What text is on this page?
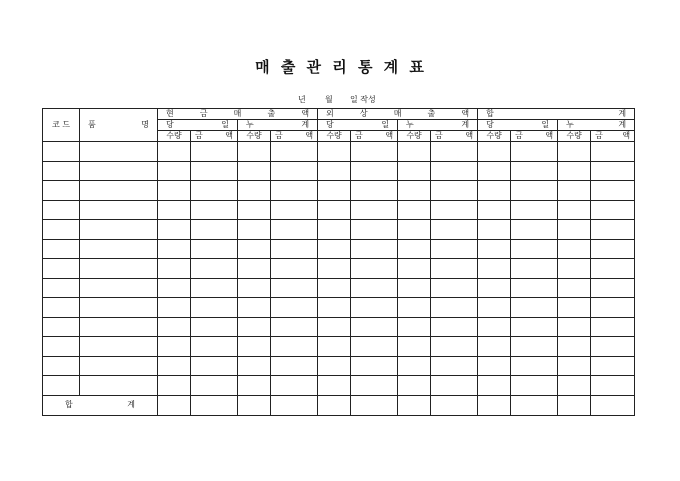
매 출 관 리 통 계 표
년 월 일 작성
코 드	품 명	현 금 매 출 액				외 상 매 출 액				합 계			

		당 일		누 계		당 일		누 계		당 일		누 계	

		수량	금 액	수량	금 액	수량	금 액	수량	금 액	수량	금 액	수량	금 액

합 계													
